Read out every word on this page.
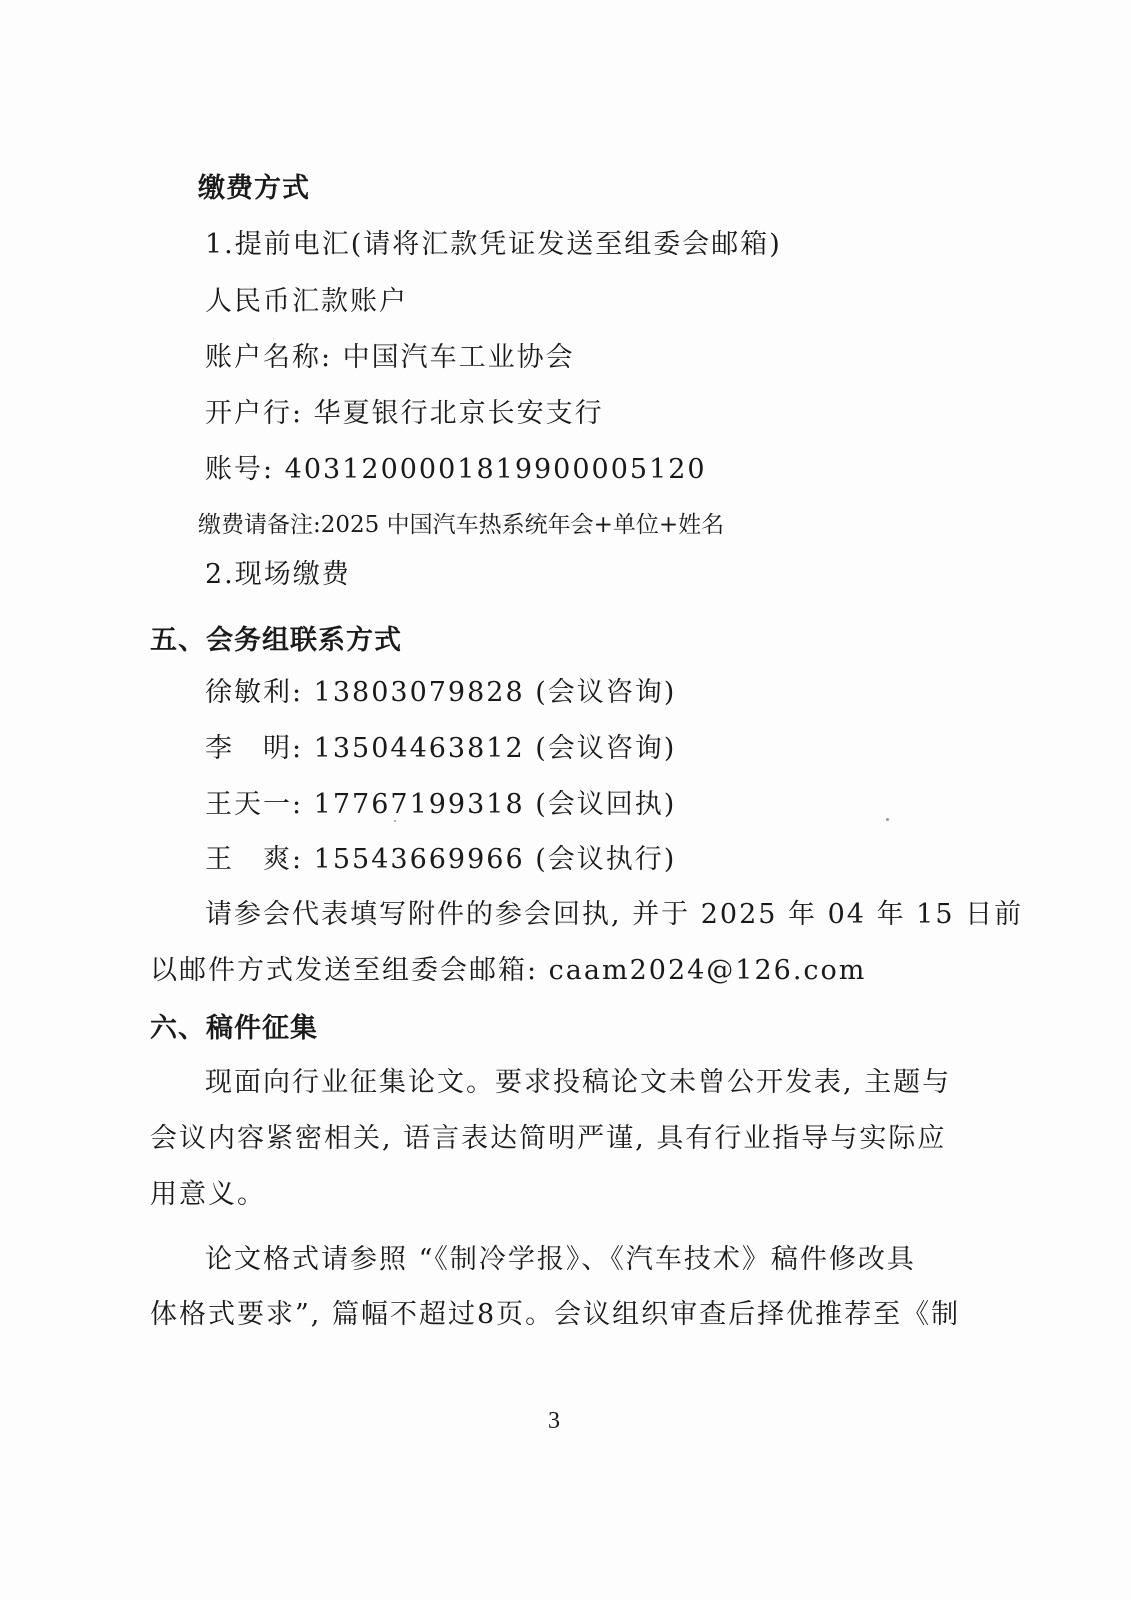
缴费方式
1.提前电汇(请将汇款凭证发送至组委会邮箱)
人民币汇款账户
账户名称: 中国汽车工业协会
开户行: 华夏银行北京长安支行
账号: 40312000018199000051​20
缴费请备注:2025 中国汽车热系统年会+单位+姓名
2.现场缴费
五、会务组联系方式
徐敏利: 13803079828 (会议咨询)
李　明: 13504463812 (会议咨询)
王天一: 17767199318 (会议回执)
王　爽: 15543669966 (会议执行)
请参会代表填写附件的参会回执, 并于 2025 年 04 年 15 日前
以邮件方式发送至组委会邮箱: caam2024@126.com
六、稿件征集
现面向行业征集论文。要求投稿论文未曾公开发表, 主题与
会议内容紧密相关, 语言表达简明严谨, 具有行业指导与实际应
用意义。
论文格式请参照 “《制冷学报》、《汽车技术》稿件修改具
体格式要求”, 篇幅不超过8页。会议组织审查后择优推荐至《制
3
